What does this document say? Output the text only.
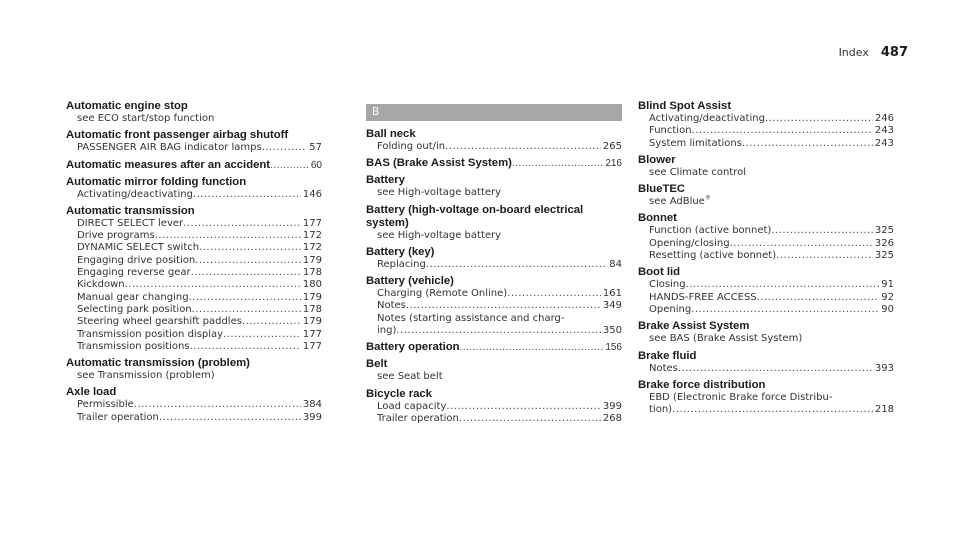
Index 487
Automatic engine stop
see ECO start/stop function
Automatic front passenger airbag shutoff
PASSENGER AIR BAG indicator lamps .....	57
Automatic measures after an accident .....	60
Automatic mirror folding function
Activating/deactivating .....	146
Automatic transmission
DIRECT SELECT lever .....	177
Drive programs .....	172
DYNAMIC SELECT switch .....	172
Engaging drive position .....	179
Engaging reverse gear .....	178
Kickdown .....	180
Manual gear changing .....	179
Selecting park position .....	178
Steering wheel gearshift paddles .....	179
Transmission position display .....	177
Transmission positions .....	177
Automatic transmission (problem)
see Transmission (problem)
Axle load
Permissible .....	384
Trailer operation .....	399
B
Ball neck
Folding out/in .....	265
BAS (Brake Assist System) .....	216
Battery
see High-voltage battery
Battery (high-voltage on-board electrical
system)
see High-voltage battery
Battery (key)
Replacing .....	84
Battery (vehicle)
Charging (Remote Online) .....	161
Notes .....	349
Notes (starting assistance and charg-
ing) .....	350
Battery operation .....	156
Belt
see Seat belt
Bicycle rack
Load capacity .....	399
Trailer operation .....	268
Blind Spot Assist
Activating/deactivating .....	246
Function .....	243
System limitations .....	243
Blower
see Climate control
BlueTEC
see AdBlue®
Bonnet
Function (active bonnet) .....	325
Opening/closing .....	326
Resetting (active bonnet) .....	325
Boot lid
Closing .....	91
HANDS-FREE ACCESS .....	92
Opening .....	90
Brake Assist System
see BAS (Brake Assist System)
Brake fluid
Notes .....	393
Brake force distribution
EBD (Electronic Brake force Distribu-
tion) .....	218
